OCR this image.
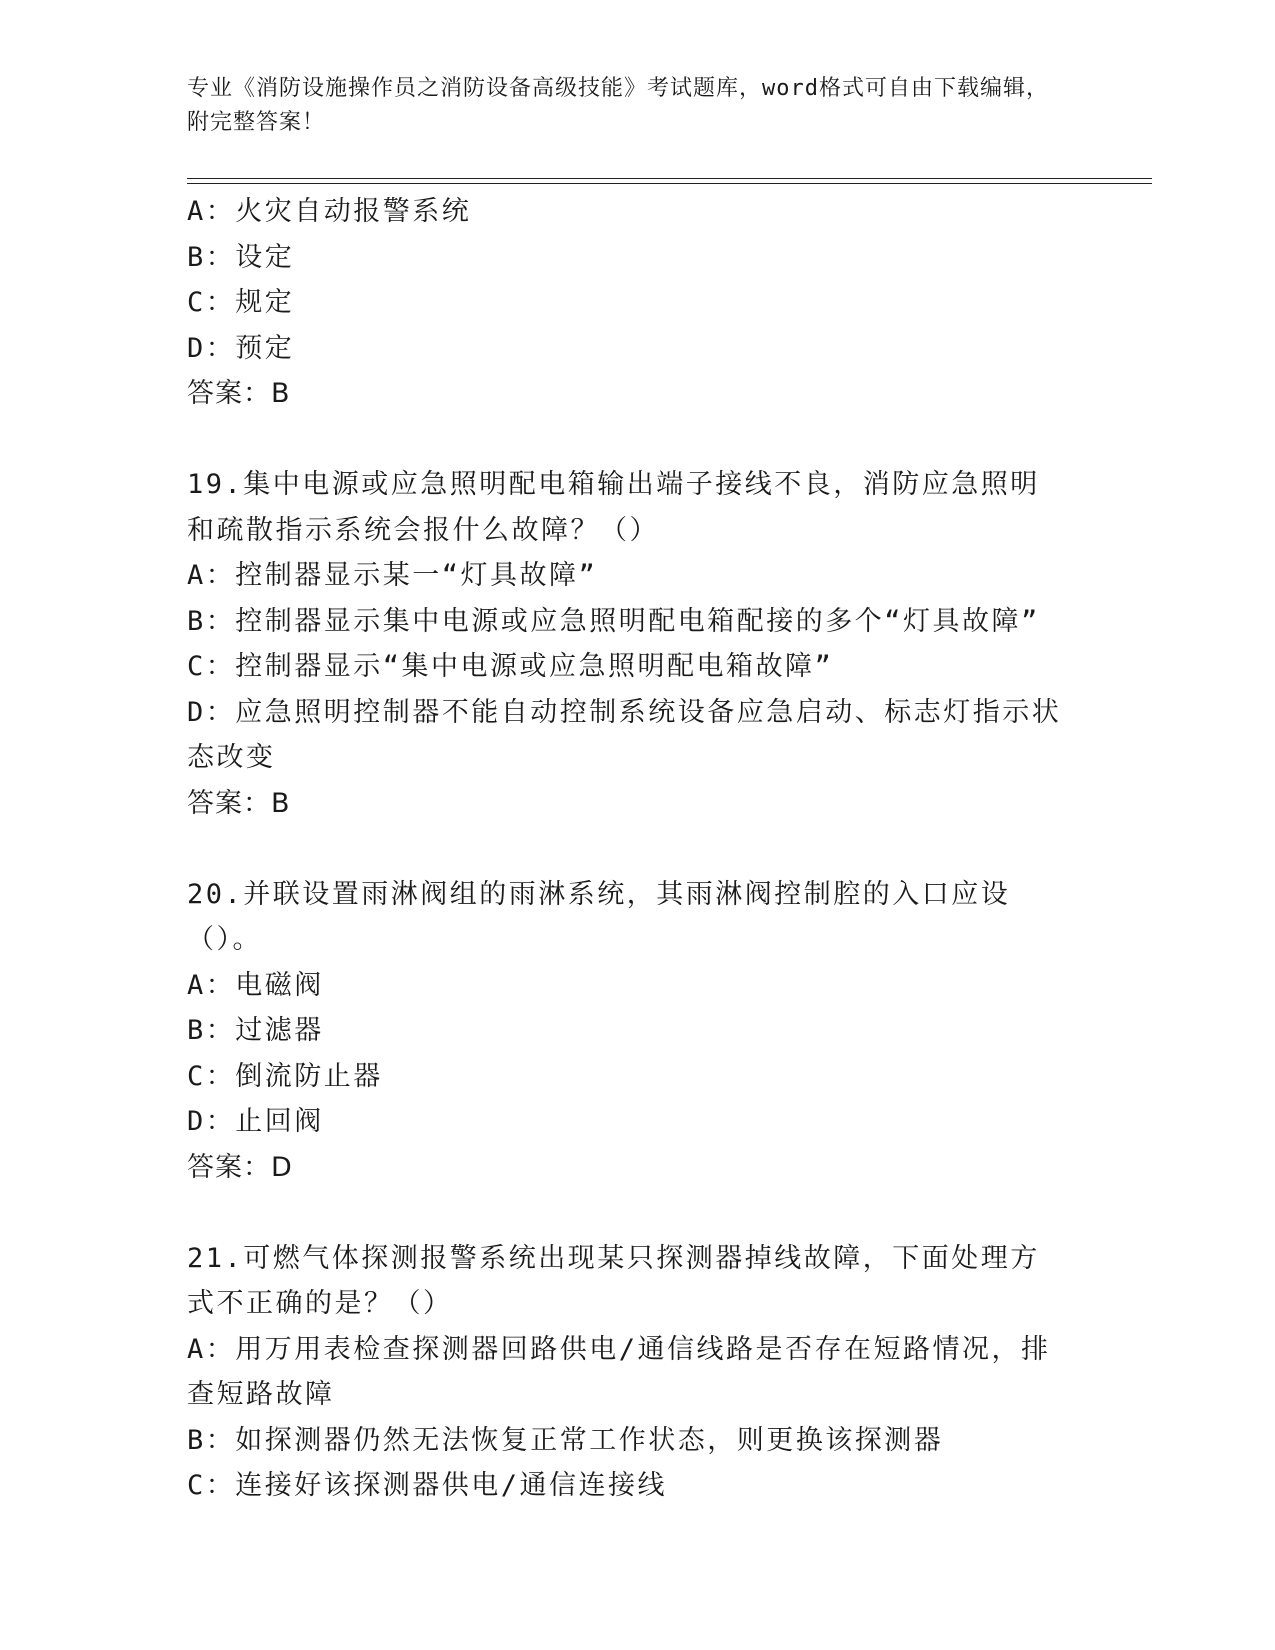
专业《消防设施操作员之消防设备高级技能》考试题库，word格式可自由下载编辑，附完整答案！

A：火灾自动报警系统

B：设定

C：规定

D：预定

答案：B

19.集中电源或应急照明配电箱输出端子接线不良，消防应急照明和疏散指示系统会报什么故障？（）

A：控制器显示某一“灯具故障”

B：控制器显示集中电源或应急照明配电箱配接的多个“灯具故障”

C：控制器显示“集中电源或应急照明配电箱故障”

D：应急照明控制器不能自动控制系统设备应急启动、标志灯指示状态改变

答案：B

20.并联设置雨淋阀组的雨淋系统，其雨淋阀控制腔的入口应设（）。

A：电磁阀

B：过滤器

C：倒流防止器

D：止回阀

答案：D

21.可燃气体探测报警系统出现某只探测器掉线故障，下面处理方式不正确的是？（）

A：用万用表检查探测器回路供电/通信线路是否存在短路情况，排查短路故障

B：如探测器仍然无法恢复正常工作状态，则更换该探测器

C：连接好该探测器供电/通信连接线
